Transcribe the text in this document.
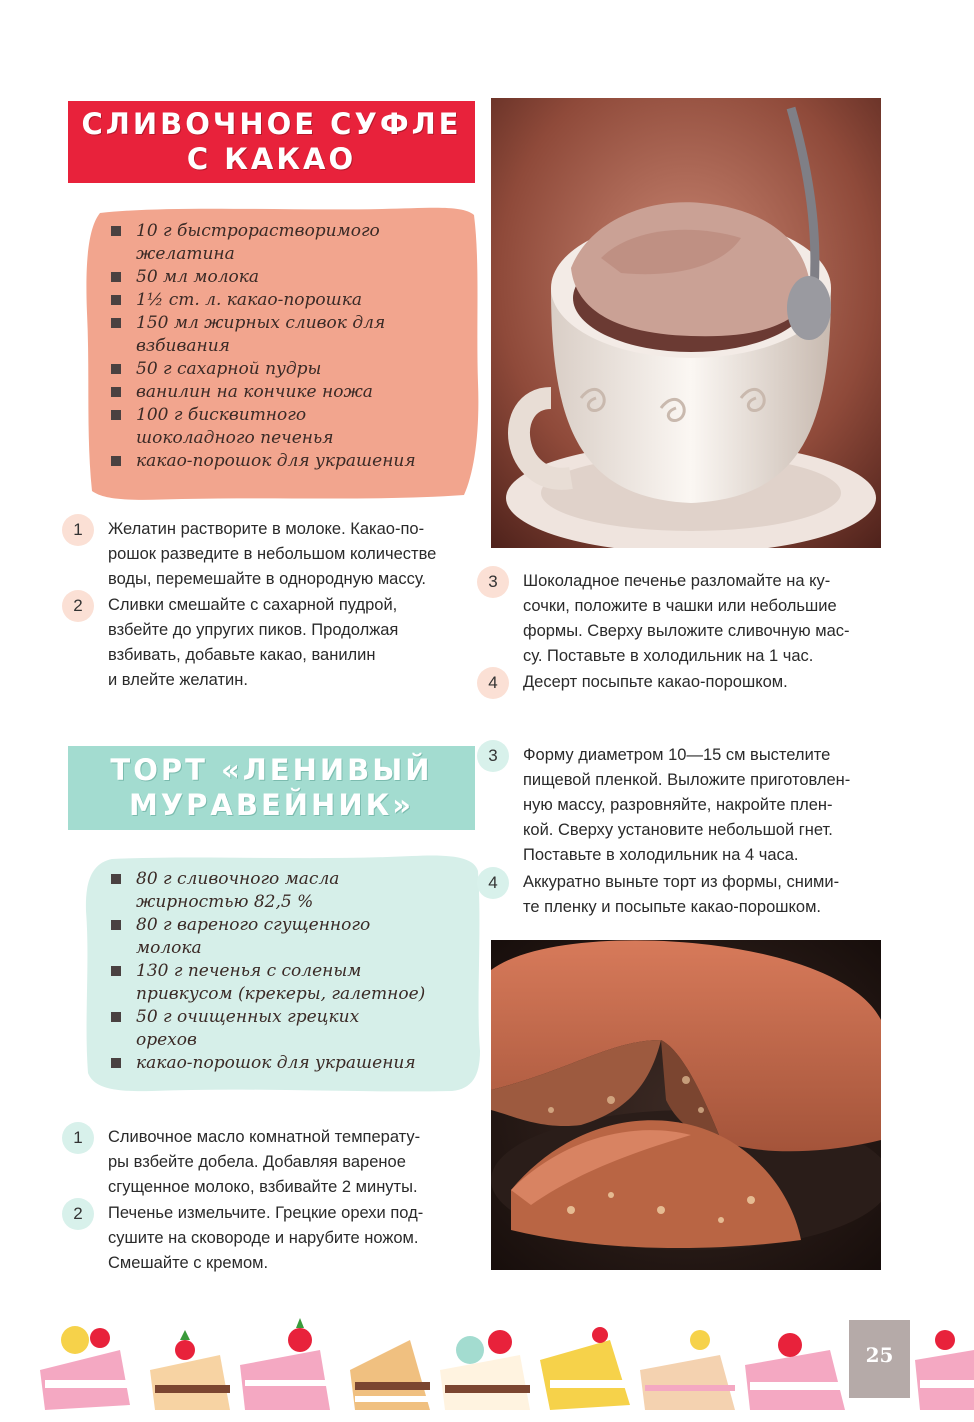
СЛИВОЧНОЕ СУФЛЕ
С КАКАО
10 г быстрорастворимого
желатина
50 мл молока
1½ ст. л. какао-порошка
150 мл жирных сливок для
взбивания
50 г сахарной пудры
ванилин на кончике ножа
100 г бисквитного
шоколадного печенья
какао-порошок для украшения
1	Желатин растворите в молоке. Какао-по-
рошок разведите в небольшом количестве
воды, перемешайте в однородную массу.
2	Сливки смешайте с сахарной пудрой,
взбейте до упругих пиков. Продолжая
взбивать, добавьте какао, ванилин
и влейте желатин.
3	Шоколадное печенье разломайте на ку-
сочки, положите в чашки или небольшие
формы. Сверху выложите сливочную мас-
су. Поставьте в холодильник на 1 час.
4	Десерт посыпьте какао-порошком.
ТОРТ «ЛЕНИВЫЙ
МУРАВЕЙНИК»
80 г сливочного масла
жирностью 82,5 %
80 г вареного сгущенного
молока
130 г печенья с соленым
привкусом (крекеры, галетное)
50 г очищенных грецких
орехов
какао-порошок для украшения
1	Сливочное масло комнатной температу-
ры взбейте добела. Добавляя вареное
сгущенное молоко, взбивайте 2 минуты.
2	Печенье измельчите. Грецкие орехи под-
сушите на сковороде и нарубите ножом.
Смешайте с кремом.
3	Форму диаметром 10—15 см выстелите
пищевой пленкой. Выложите приготовлен-
ную массу, разровняйте, накройте плен-
кой. Сверху установите небольшой гнет.
Поставьте в холодильник на 4 часа.
4	Аккуратно выньте торт из формы, сними-
те пленку и посыпьте какао-порошком.
25
